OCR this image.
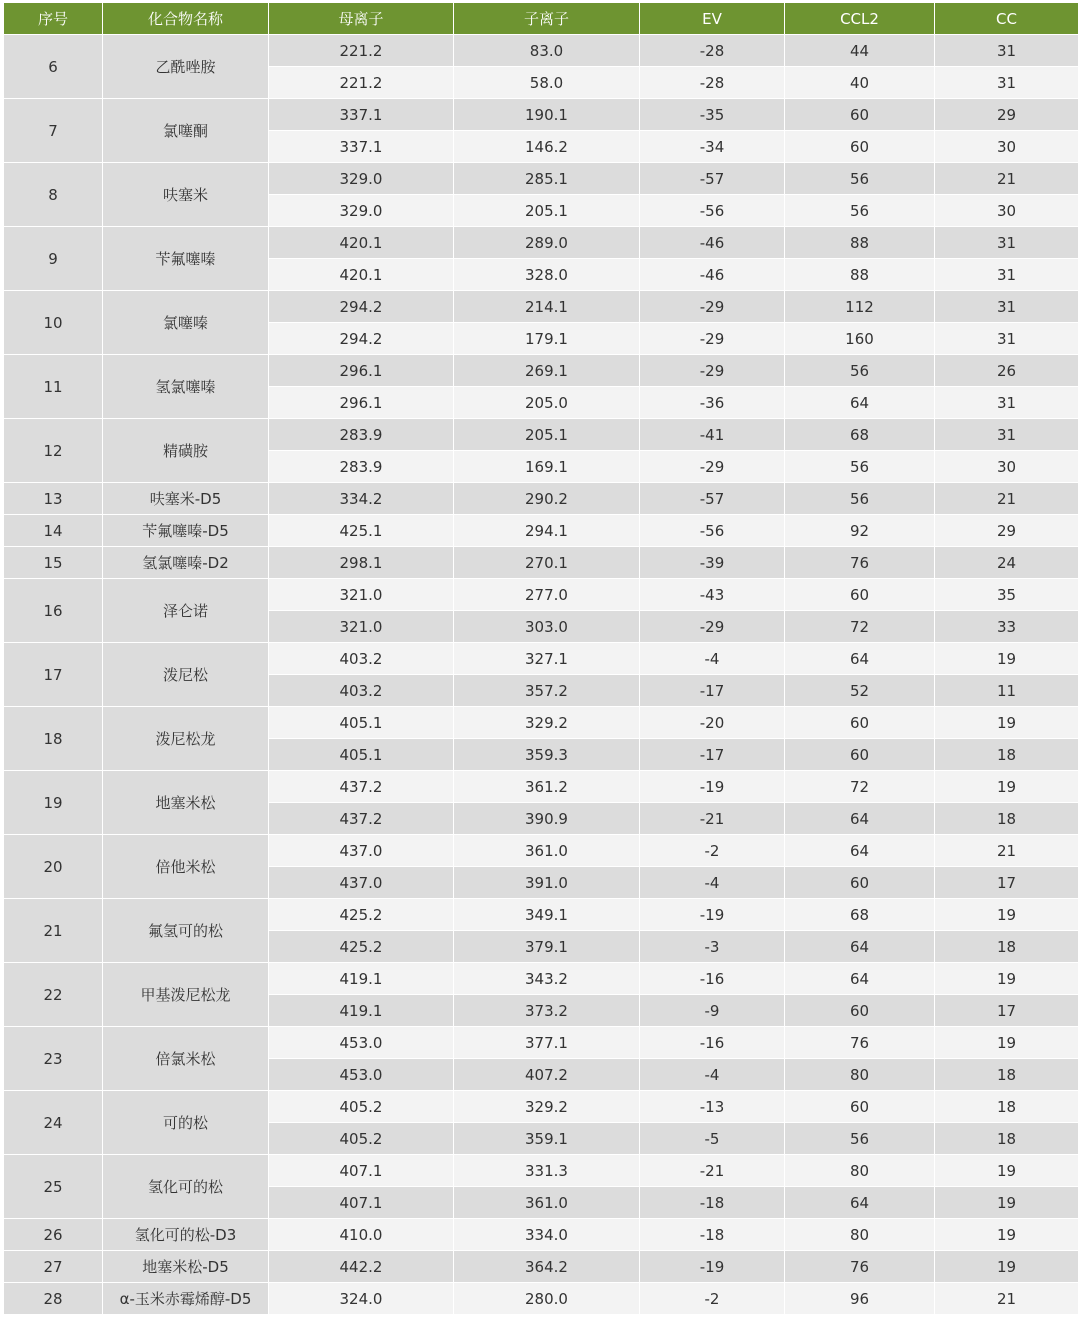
序号	化合物名称	母离子	子离子	EV	CCL2	CC
6	乙酰唑胺	221.2	83.0	-28	44	31
		221.2	58.0	-28	40	31
7	氯噻酮	337.1	190.1	-35	60	29
		337.1	146.2	-34	60	30
8	呋塞米	329.0	285.1	-57	56	21
		329.0	205.1	-56	56	30
9	苄氟噻嗪	420.1	289.0	-46	88	31
		420.1	328.0	-46	88	31
10	氯噻嗪	294.2	214.1	-29	112	31
		294.2	179.1	-29	160	31
11	氢氯噻嗪	296.1	269.1	-29	56	26
		296.1	205.0	-36	64	31
12	精磺胺	283.9	205.1	-41	68	31
		283.9	169.1	-29	56	30
13	呋塞米-D5	334.2	290.2	-57	56	21
14	苄氟噻嗪-D5	425.1	294.1	-56	92	29
15	氢氯噻嗪-D2	298.1	270.1	-39	76	24
16	泽仑诺	321.0	277.0	-43	60	35
		321.0	303.0	-29	72	33
17	泼尼松	403.2	327.1	-4	64	19
		403.2	357.2	-17	52	11
18	泼尼松龙	405.1	329.2	-20	60	19
		405.1	359.3	-17	60	18
19	地塞米松	437.2	361.2	-19	72	19
		437.2	390.9	-21	64	18
20	倍他米松	437.0	361.0	-2	64	21
		437.0	391.0	-4	60	17
21	氟氢可的松	425.2	349.1	-19	68	19
		425.2	379.1	-3	64	18
22	甲基泼尼松龙	419.1	343.2	-16	64	19
		419.1	373.2	-9	60	17
23	倍氯米松	453.0	377.1	-16	76	19
		453.0	407.2	-4	80	18
24	可的松	405.2	329.2	-13	60	18
		405.2	359.1	-5	56	18
25	氢化可的松	407.1	331.3	-21	80	19
		407.1	361.0	-18	64	19
26	氢化可的松-D3	410.0	334.0	-18	80	19
27	地塞米松-D5	442.2	364.2	-19	76	19
28	α-玉米赤霉烯醇-D5	324.0	280.0	-2	96	21
